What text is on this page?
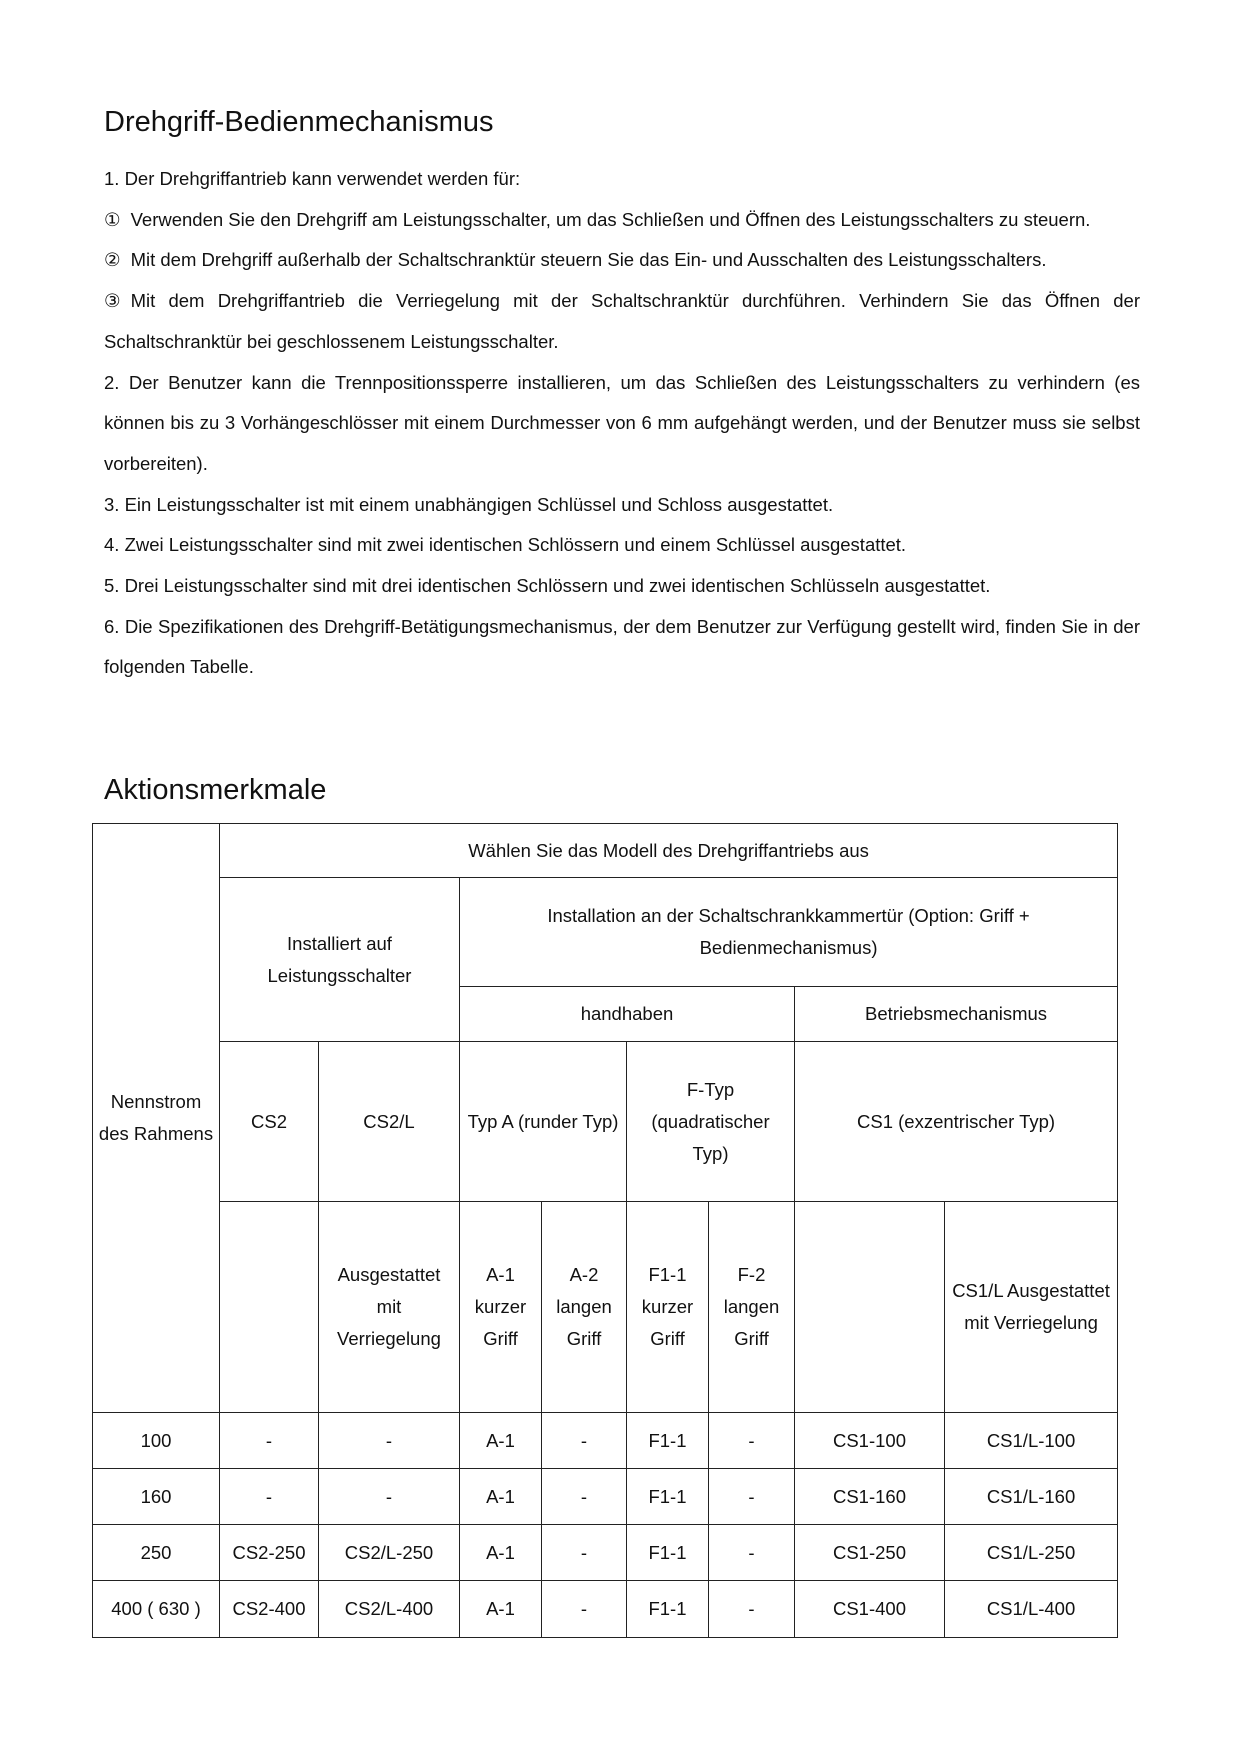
Drehgriff-Bedienmechanismus

1. Der Drehgriffantrieb kann verwendet werden für:

① Verwenden Sie den Drehgriff am Leistungsschalter, um das Schließen und Öffnen des Leistungsschalters zu steuern.

② Mit dem Drehgriff außerhalb der Schaltschranktür steuern Sie das Ein- und Ausschalten des Leistungsschalters.

③ Mit dem Drehgriffantrieb die Verriegelung mit der Schaltschranktür durchführen. Verhindern Sie das Öffnen der Schaltschranktür bei geschlossenem Leistungsschalter.

2. Der Benutzer kann die Trennpositionssperre installieren, um das Schließen des Leistungsschalters zu verhindern (es können bis zu 3 Vorhängeschlösser mit einem Durchmesser von 6 mm aufgehängt werden, und der Benutzer muss sie selbst vorbereiten).

3. Ein Leistungsschalter ist mit einem unabhängigen Schlüssel und Schloss ausgestattet.

4. Zwei Leistungsschalter sind mit zwei identischen Schlössern und einem Schlüssel ausgestattet.

5. Drei Leistungsschalter sind mit drei identischen Schlössern und zwei identischen Schlüsseln ausgestattet.

6. Die Spezifikationen des Drehgriff-Betätigungsmechanismus, der dem Benutzer zur Verfügung gestellt wird, finden Sie in der folgenden Tabelle.

Aktionsmerkmale
Nennstrom des Rahmens	Wählen Sie das Modell des Drehgriffantriebs aus							
	Installiert auf Leistungsschalter		Installation an der Schaltschrankkammertür (Option: Griff + Bedienmechanismus)					
			handhaben				Betriebsmechanismus	
	CS2	CS2/L	Typ A (runder Typ)		F-Typ (quadratischer Typ)		CS1 (exzentrischer Typ)	
		Ausgestattet mit Verriegelung	A-1 kurzer Griff	A-2 langen Griff	F1-1 kurzer Griff	F-2 langen Griff		CS1/L Ausgestattet mit Verriegelung

100	-	-	A-1	-	F1-1	-	CS1-100	CS1/L-100
160	-	-	A-1	-	F1-1	-	CS1-160	CS1/L-160
250	CS2-250	CS2/L-250	A-1	-	F1-1	-	CS1-250	CS1/L-250
400 ( 630 )	CS2-400	CS2/L-400	A-1	-	F1-1	-	CS1-400	CS1/L-400
